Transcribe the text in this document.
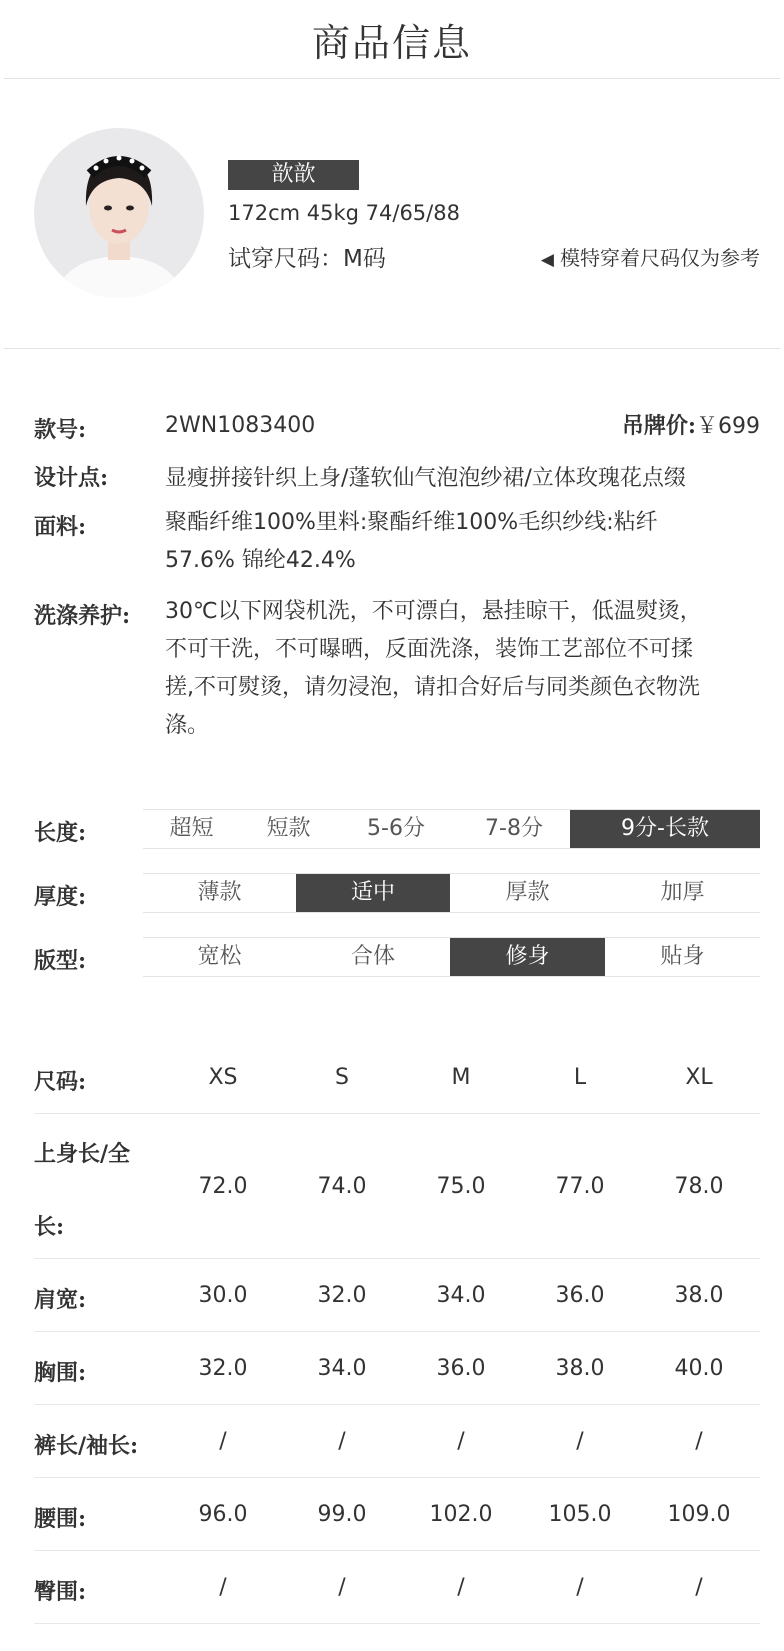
商品信息
歆歆
172cm 45kg 74/65/88
试穿尺码：M码	◀ 模特穿着尺码仅为参考
款号:	2WN1083400	吊牌价:￥699
设计点:	显瘦拼接针织上身/蓬软仙气泡泡纱裙/立体玫瑰花点缀
面料:	聚酯纤维100%里料:聚酯纤维100%毛织纱线:粘纤
57.6% 锦纶42.4%
洗涤养护: 30℃以下网袋机洗，不可漂白，悬挂晾干，低温熨烫，
不可干洗，不可曝晒，反面洗涤，装饰工艺部位不可揉
搓,不可熨烫，请勿浸泡，请扣合好后与同类颜色衣物洗
涤。
长度:	超短	短款	5-6分	7-8分	9分-长款
厚度:	薄款	适中	厚款	加厚
版型:	宽松	合体	修身	贴身
尺码:	XS	S	M	L	XL
上身长/全
长:
72.0	74.0	75.0	77.0	78.0
肩宽:	30.0	32.0	34.0	36.0	38.0
胸围:	32.0	34.0	36.0	38.0	40.0
裤长/袖长:	/	/	/	/	/
腰围:	96.0	99.0	102.0	105.0	109.0
臀围:	/	/	/	/	/
